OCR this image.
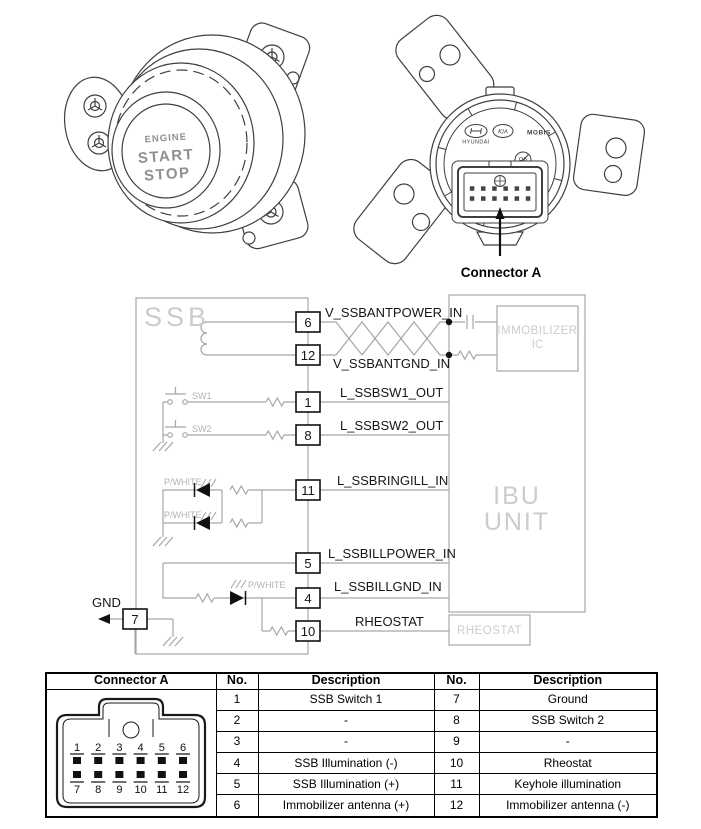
ENGINE
START
STOP
KIA
HYUNDAI
MOBIS
Connector A
SSB
IBU
UNIT
IMMOBILIZER
IC
RHEOSTAT
SW1
SW2
P/WHITE
P/WHITE
P/WHITE
6
12
1
8
11
5
4
10
7
V_SSBANTPOWER_IN
V_SSBANTGND_IN
L_SSBSW1_OUT
L_SSBSW2_OUT
L_SSBRINGILL_IN
L_SSBILLPOWER_IN
L_SSBILLGND_IN
RHEOSTAT
GND
Connector A	No.	Description	No.	Description

1 2 3 4 5 6
7 8 9 10 11 12
	1	SSB Switch 1	7	Ground
	2	-	8	SSB Switch 2
	3	-	9	-
	4	SSB Illumination (-)	10	Rheostat
	5	SSB Illumination (+)	11	Keyhole illumination
	6	Immobilizer antenna (+)	12	Immobilizer antenna (-)
